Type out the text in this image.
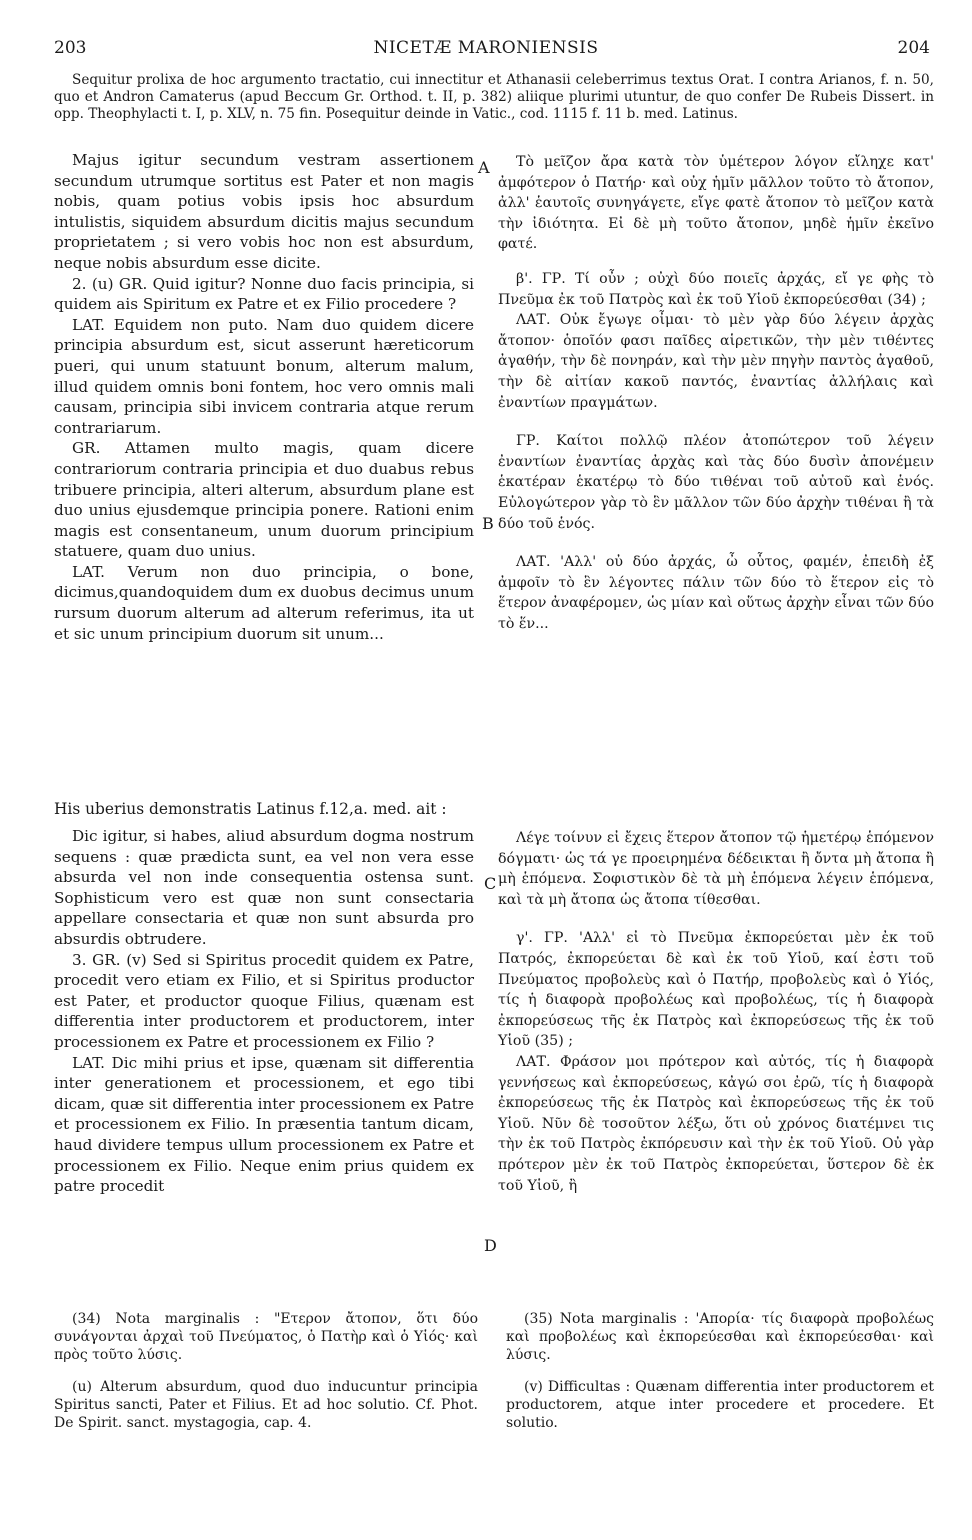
203	NICETÆ MARONIENSIS	204
Sequitur prolixa de hoc argumento tractatio, cui innectitur et Athanasii celeberrimus textus Orat. I contra Arianos, f. n. 50, quo et Andron Camaterus (apud Beccum Gr. Orthod. t. II, p. 382) aliique plurimi utuntur, de quo confer De Rubeis Dissert. in opp. Theophylacti t. I, p. XLV, n. 75 fin. Posequitur deinde in Vatic., cod. 1115 f. 11 b. med. Latinus.

Majus igitur secundum vestram assertionem secundum utrumque sortitus est Pater et non magis nobis, quam potius vobis ipsis hoc absurdum intulistis, siquidem absurdum dicitis majus secundum proprietatem ; si vero vobis hoc non est absurdum, neque nobis absurdum esse dicite.

2. (u) GR. Quid igitur? Nonne duo facis principia, si quidem ais Spiritum ex Patre et ex Filio procedere ?

LAT. Equidem non puto. Nam duo quidem dicere principia absurdum est, sicut asserunt hæreticorum pueri, qui unum statuunt bonum, alterum malum, illud quidem omnis boni fontem, hoc vero omnis mali causam, principia sibi invicem contraria atque rerum contrariarum.

GR. Attamen multo magis, quam dicere contrariorum contraria principia et duo duabus rebus tribuere principia, alteri alterum, absurdum plane est duo unius ejusdemque principia ponere. Rationi enim magis est consentaneum, unum duorum principium statuere, quam duo unius.

LAT. Verum non duo principia, o bone, dicimus,quandoquidem dum ex duobus decimus unum rursum duorum alterum ad alterum referimus, ita ut et sic unum principium duorum sit unum...

Τὸ μεῖζον ἄρα κατὰ τὸν ὑμέτερον λόγον εἴληχε κατ' ἀμφότερον ὁ Πατήρ· καὶ οὐχ ἡμῖν μᾶλλον τοῦτο τὸ ἄτοπον, ἀλλ' ἑαυτοῖς συνηγάγετε, εἴγε φατὲ ἄτοπον τὸ μεῖζον κατὰ τὴν ἰδιότητα. Εἰ δὲ μὴ τοῦτο ἄτοπον, μηδὲ ἡμῖν ἐκεῖνο φατέ.

β'. ΓΡ. Τί οὖν ; οὐχὶ δύο ποιεῖς ἀρχάς, εἴ γε φὴς τὸ Πνεῦμα ἐκ τοῦ Πατρὸς καὶ ἐκ τοῦ Υἱοῦ ἐκπορεύεσθαι (34) ;

ΛΑΤ. Οὐκ ἔγωγε οἶμαι· τὸ μὲν γὰρ δύο λέγειν ἀρχὰς ἄτοπον· ὁποῖόν φασι παῖδες αἱρετικῶν, τὴν μὲν τιθέντες ἀγαθήν, τὴν δὲ πονηράν, καὶ τὴν μὲν πηγὴν παντὸς ἀγαθοῦ, τὴν δὲ αἰτίαν κακοῦ παντός, ἐναντίας ἀλλήλαις καὶ ἐναντίων πραγμάτων.

ΓΡ. Καίτοι πολλῷ πλέον ἀτοπώτερον τοῦ λέγειν ἐναντίων ἐναντίας ἀρχὰς καὶ τὰς δύο δυσὶν ἀπονέμειν ἑκατέραν ἑκατέρῳ τὸ δύο τιθέναι τοῦ αὐτοῦ καὶ ἑνός. Εὐλογώτερον γὰρ τὸ ἓν μᾶλλον τῶν δύο ἀρχὴν τιθέναι ἢ τὰ δύο τοῦ ἑνός.

ΛΑΤ. 'Αλλ' οὐ δύο ἀρχάς, ὦ οὗτος, φαμέν, ἐπειδὴ ἐξ ἀμφοῖν τὸ ἓν λέγοντες πάλιν τῶν δύο τὸ ἕτερον εἰς τὸ ἕτερον ἀναφέρομεν, ὡς μίαν καὶ οὕτως ἀρχὴν εἶναι τῶν δύο τὸ ἕν...

A
B
C
D
His uberius demonstratis Latinus f.12,a. med. ait :

Dic igitur, si habes, aliud absurdum dogma nostrum sequens : quæ prædicta sunt, ea vel non vera esse absurda vel non inde consequentia ostensa sunt. Sophisticum vero est quæ non sunt consectaria appellare consectaria et quæ non sunt absurda pro absurdis obtrudere.

3. GR. (v) Sed si Spiritus procedit quidem ex Patre, procedit vero etiam ex Filio, et si Spiritus productor est Pater, et productor quoque Filius, quænam est differentia inter productorem et productorem, inter processionem ex Patre et processionem ex Filio ?

LAT. Dic mihi prius et ipse, quænam sit differentia inter generationem et processionem, et ego tibi dicam, quæ sit differentia inter processionem ex Patre et processionem ex Filio. In præsentia tantum dicam, haud dividere tempus ullum processionem ex Patre et processionem ex Filio. Neque enim prius quidem ex patre procedit

Λέγε τοίνυν εἰ ἔχεις ἕτερον ἄτοπον τῷ ἡμετέρῳ ἑπόμενον δόγματι· ὡς τά γε προειρημένα δέδεικται ἢ ὄντα μὴ ἄτοπα ἢ μὴ ἑπόμενα. Σοφιστικὸν δὲ τὰ μὴ ἑπόμενα λέγειν ἑπόμενα, καὶ τὰ μὴ ἄτοπα ὡς ἄτοπα τίθεσθαι.

γ'. ΓΡ. 'Αλλ' εἰ τὸ Πνεῦμα ἐκπορεύεται μὲν ἐκ τοῦ Πατρός, ἐκπορεύεται δὲ καὶ ἐκ τοῦ Υἱοῦ, καί ἐστι τοῦ Πνεύματος προβολεὺς καὶ ὁ Πατήρ, προβολεὺς καὶ ὁ Υἱός, τίς ἡ διαφορὰ προβολέως καὶ προβολέως, τίς ἡ διαφορὰ ἐκπορεύσεως τῆς ἐκ Πατρὸς καὶ ἐκπορεύσεως τῆς ἐκ τοῦ Υἱοῦ (35) ;

ΛΑΤ. Φράσον μοι πρότερον καὶ αὐτός, τίς ἡ διαφορὰ γεννήσεως καὶ ἐκπορεύσεως, κἀγώ σοι ἐρῶ, τίς ἡ διαφορὰ ἐκπορεύσεως τῆς ἐκ Πατρὸς καὶ ἐκπορεύσεως τῆς ἐκ τοῦ Υἱοῦ. Νῦν δὲ τοσοῦτον λέξω, ὅτι οὐ χρόνος διατέμνει τις τὴν ἐκ τοῦ Πατρὸς ἐκπόρευσιν καὶ τὴν ἐκ τοῦ Υἱοῦ. Οὐ γὰρ πρότερον μὲν ἐκ τοῦ Πατρὸς ἐκπορεύεται, ὕστερον δὲ ἐκ τοῦ Υἱοῦ, ἢ

(34) Nota marginalis : "Ετερον ἄτοπον, ὅτι δύο συνάγονται ἀρχαὶ τοῦ Πνεύματος, ὁ Πατὴρ καὶ ὁ Υἱός· καὶ πρὸς τοῦτο λύσις.

(u) Alterum absurdum, quod duo inducuntur principia Spiritus sancti, Pater et Filius. Et ad hoc solutio. Cf. Phot. De Spirit. sanct. mystagogia, cap. 4.

(35) Nota marginalis : 'Απορία· τίς διαφορὰ προβολέως καὶ προβολέως καὶ ἐκπορεύεσθαι καὶ ἐκπορεύεσθαι· καὶ λύσις.

(v) Difficultas : Quænam differentia inter productorem et productorem, atque inter procedere et procedere. Et solutio.
